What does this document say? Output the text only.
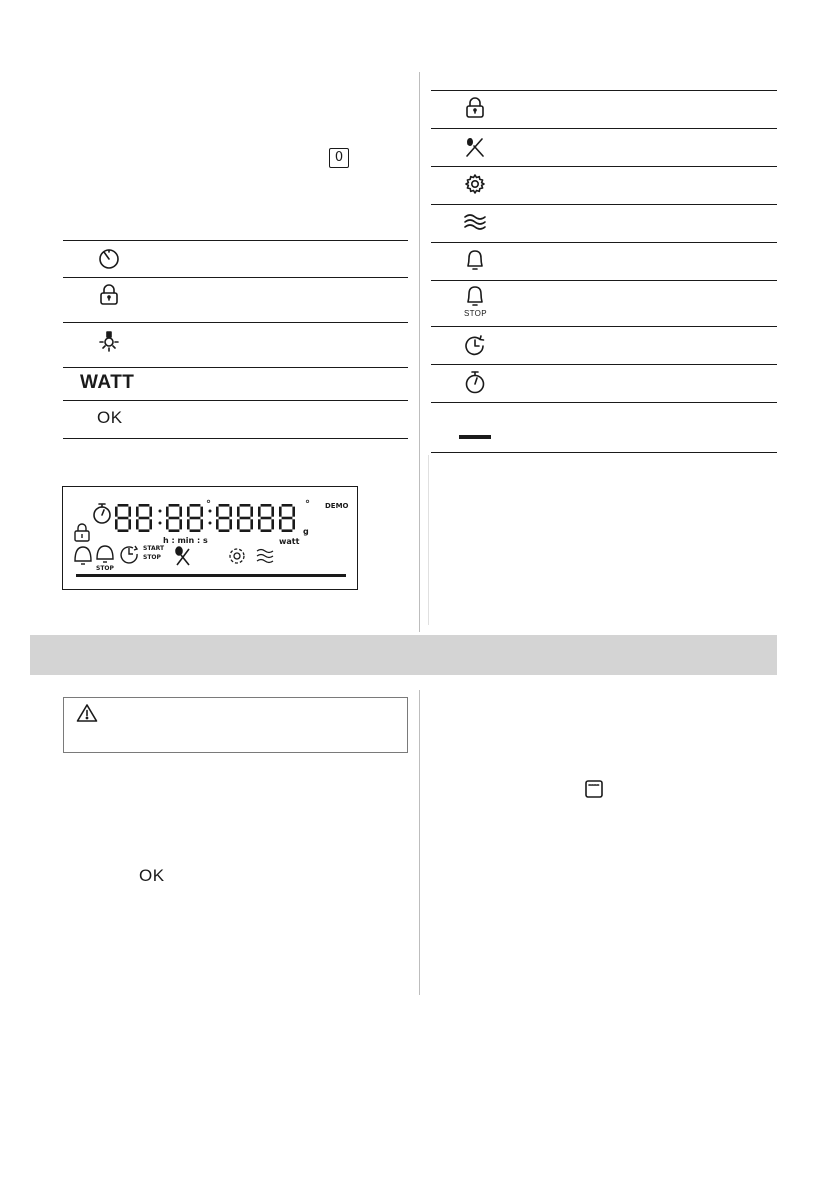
0
WATT
OK
°
°
g
DEMO
h : min : s	watt
STOP
START
STOP
STOP
OK
